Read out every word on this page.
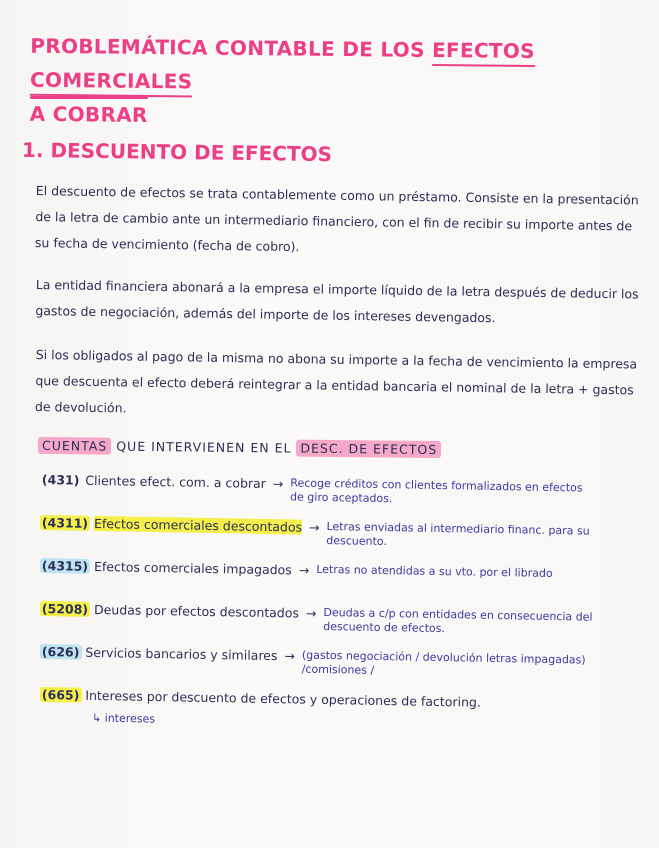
PROBLEMÁTICA CONTABLE DE LOS EFECTOS COMERCIALES
A COBRAR
1. DESCUENTO DE EFECTOS
El descuento de efectos se trata contablemente como un préstamo. Consiste en la presentación de la letra de cambio ante un intermediario financiero, con el fin de recibir su importe antes de su fecha de vencimiento (fecha de cobro).
La entidad financiera abonará a la empresa el importe líquido de la letra después de deducir los gastos de negociación, además del importe de los intereses devengados.
Si los obligados al pago de la misma no abona su importe a la fecha de vencimiento la empresa que descuenta el efecto deberá reintegrar a la entidad bancaria el nominal de la letra + gastos de devolución.
CUENTAS QUE INTERVIENEN EN EL DESC. DE EFECTOS
(431) Clientes efect. com. a cobrar → Recoge créditos con clientes formalizados en efectos de giro aceptados.
(4311) Efectos comerciales descontados → Letras enviadas al intermediario financ. para su descuento.
(4315) Efectos comerciales impagados → Letras no atendidas a su vto. por el librado
(5208) Deudas por efectos descontados → Deudas a c/p con entidades en consecuencia del descuento de efectos.
(626) Servicios bancarios y similares → (gastos negociación / devolución letras impagadas) /comisiones /
(665) Intereses por descuento de efectos y operaciones de factoring.
↳ intereses
